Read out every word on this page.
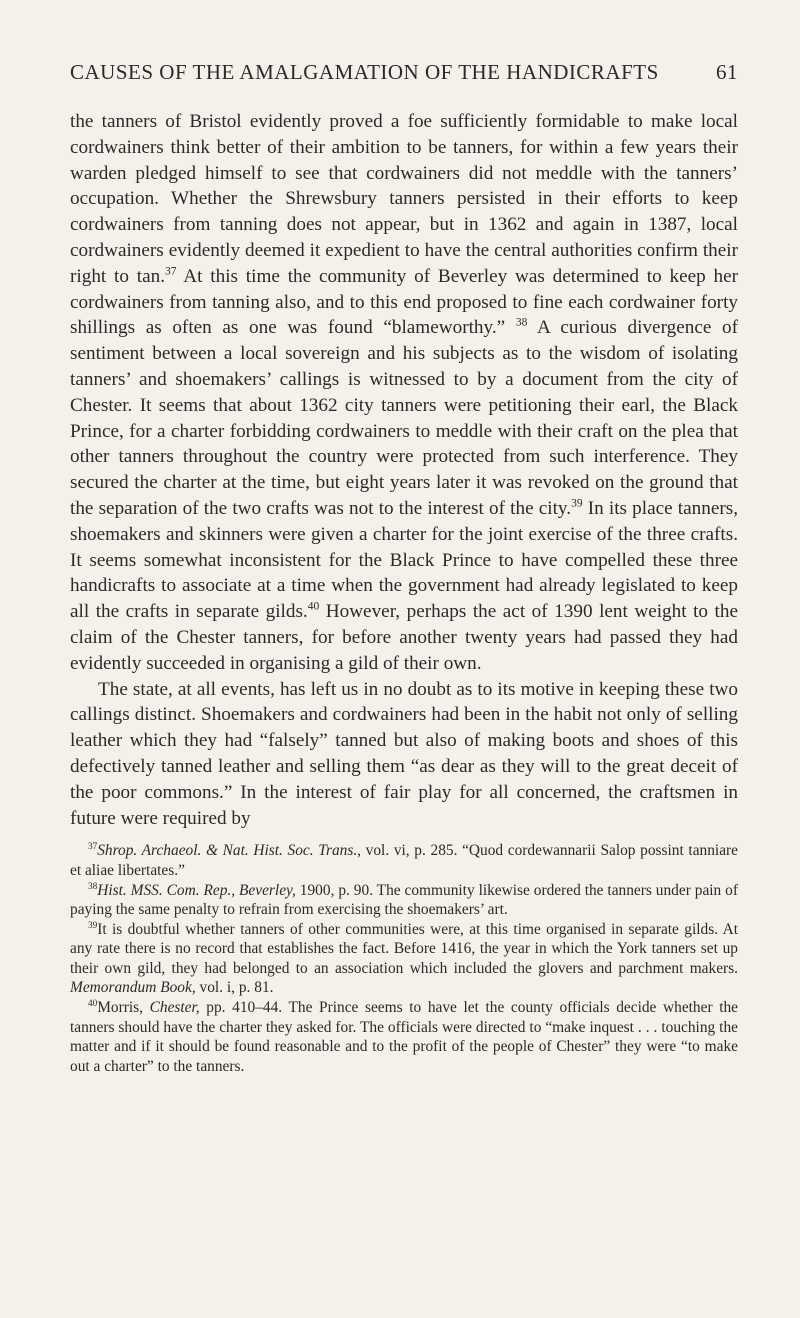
CAUSES OF THE AMALGAMATION OF THE HANDICRAFTS	61

the tanners of Bristol evidently proved a foe sufficiently formidable to make local cordwainers think better of their ambition to be tanners, for within a few years their warden pledged himself to see that cordwainers did not meddle with the tanners’ occupation. Whether the Shrewsbury tanners persisted in their efforts to keep cordwainers from tanning does not appear, but in 1362 and again in 1387, local cordwainers evidently deemed it expedient to have the central authorities confirm their right to tan.$^{37}$ At this time the community of Beverley was determined to keep her cordwainers from tanning also, and to this end proposed to fine each cordwainer forty shillings as often as one was found “blameworthy.” $^{38}$ A curious divergence of sentiment between a local sovereign and his subjects as to the wisdom of isolating tanners’ and shoemakers’ callings is witnessed to by a document from the city of Chester. It seems that about 1362 city tanners were petitioning their earl, the Black Prince, for a charter forbidding cordwainers to meddle with their craft on the plea that other tanners throughout the country were protected from such interference. They secured the charter at the time, but eight years later it was revoked on the ground that the separation of the two crafts was not to the interest of the city.$^{39}$ In its place tanners, shoemakers and skinners were given a charter for the joint exercise of the three crafts. It seems somewhat inconsistent for the Black Prince to have compelled these three handicrafts to associate at a time when the government had already legislated to keep all the crafts in separate gilds.$^{40}$ However, perhaps the act of 1390 lent weight to the claim of the Chester tanners, for before another twenty years had passed they had evidently succeeded in organising a gild of their own.

The state, at all events, has left us in no doubt as to its motive in keeping these two callings distinct. Shoemakers and cordwainers had been in the habit not only of selling leather which they had “falsely” tanned but also of making boots and shoes of this defectively tanned leather and selling them “as dear as they will to the great deceit of the poor commons.” In the interest of fair play for all concerned, the craftsmen in future were required by

$^{37}$Shrop. Archaeol. & Nat. Hist. Soc. Trans., vol. vi, p. 285. “Quod cordewannarii Salop possint tanniare et aliae libertates.”

$^{38}$Hist. MSS. Com. Rep., Beverley, 1900, p. 90. The community likewise ordered the tanners under pain of paying the same penalty to refrain from exercising the shoemakers’ art.

$^{39}$It is doubtful whether tanners of other communities were, at this time organised in separate gilds. At any rate there is no record that establishes the fact. Before 1416, the year in which the York tanners set up their own gild, they had belonged to an association which included the glovers and parchment makers. Memorandum Book, vol. i, p. 81.

$^{40}$Morris, Chester, pp. 410–44. The Prince seems to have let the county officials decide whether the tanners should have the charter they asked for. The officials were directed to “make inquest . . . touching the matter and if it should be found reasonable and to the profit of the people of Chester” they were “to make out a charter” to the tanners.
